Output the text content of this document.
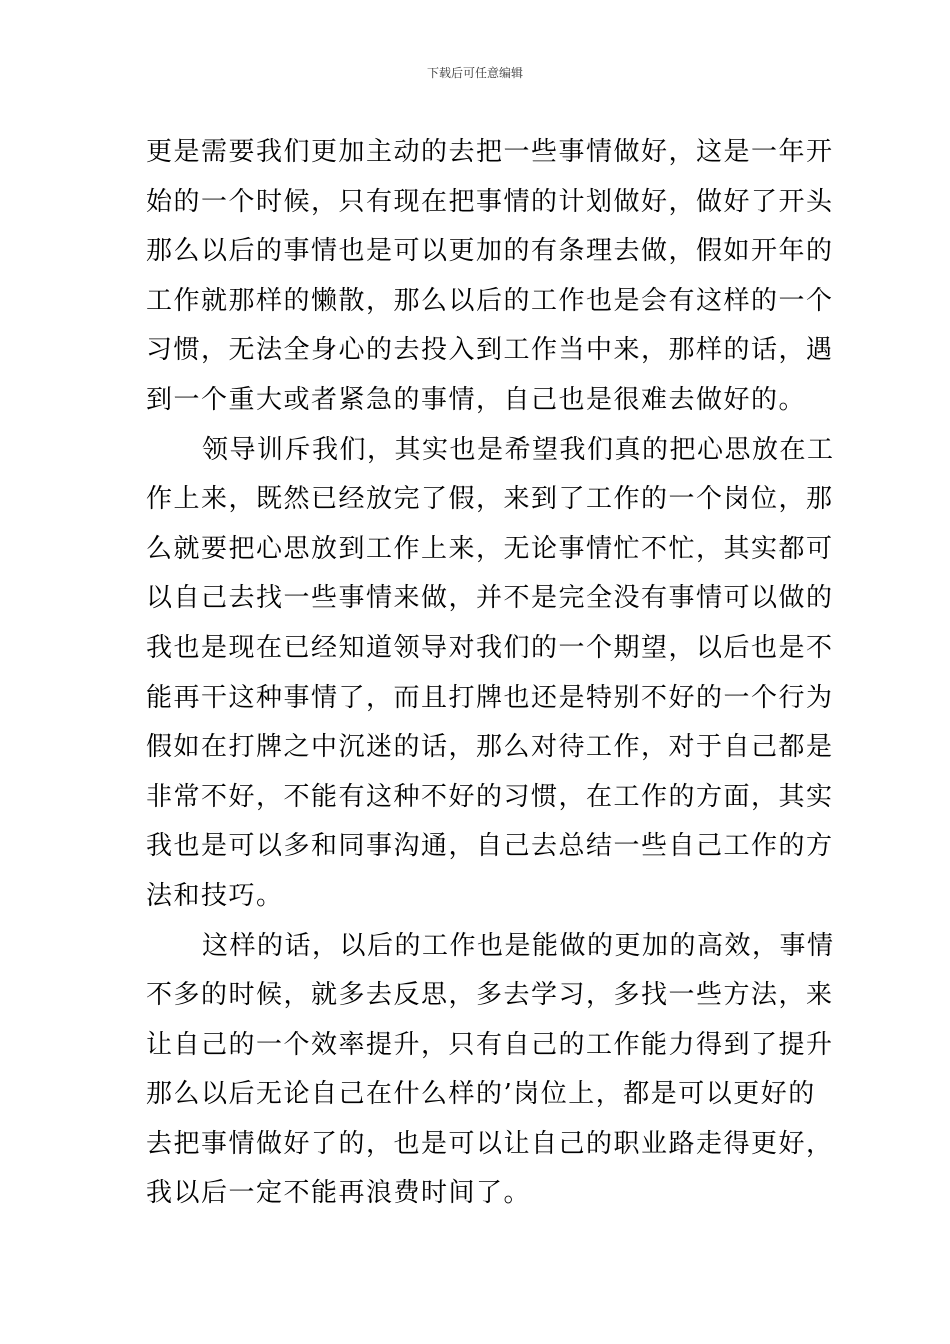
下载后可任意编辑
更是需要我们更加主动的去把一些事情做好，这是一年开
始的一个时候，只有现在把事情的计划做好，做好了开头
那么以后的事情也是可以更加的有条理去做，假如开年的
工作就那样的懒散，那么以后的工作也是会有这样的一个
习惯，无法全身心的去投入到工作当中来，那样的话，遇
到一个重大或者紧急的事情，自己也是很难去做好的。
领导训斥我们，其实也是希望我们真的把心思放在工
作上来，既然已经放完了假，来到了工作的一个岗位，那
么就要把心思放到工作上来，无论事情忙不忙，其实都可
以自己去找一些事情来做，并不是完全没有事情可以做的
我也是现在已经知道领导对我们的一个期望，以后也是不
能再干这种事情了，而且打牌也还是特别不好的一个行为
假如在打牌之中沉迷的话，那么对待工作，对于自己都是
非常不好，不能有这种不好的习惯，在工作的方面，其实
我也是可以多和同事沟通，自己去总结一些自己工作的方
法和技巧。
这样的话，以后的工作也是能做的更加的高效，事情
不多的时候，就多去反思，多去学习，多找一些方法，来
让自己的一个效率提升，只有自己的工作能力得到了提升
那么以后无论自己在什么样的’岗位上，都是可以更好的
去把事情做好了的，也是可以让自己的职业路走得更好，
我以后一定不能再浪费时间了。
